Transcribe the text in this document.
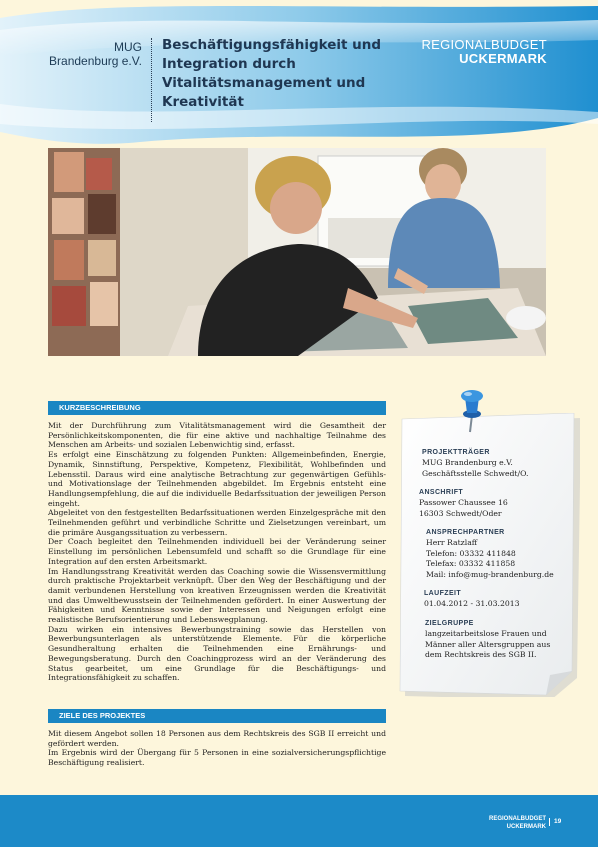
MUG
Brandenburg e.V.
Beschäftigungsfähigkeit und Integration durch Vitalitätsmanagement und Kreativität
REGIONALBUDGET
UCKERMARK
KURZBESCHREIBUNG

Mit der Durchführung zum Vitalitätsmanagement wird die Gesamtheit der Persönlichkeitskomponenten, die für eine aktive und nachhaltige Teilnahme des Menschen am Arbeits- und sozialen Lebenwichtig sind, erfasst.

Es erfolgt eine Einschätzung zu folgenden Punkten: Allgemeinbefinden, Energie, Dynamik, Sinnstiftung, Perspektive, Kompetenz, Flexibilität, Wohlbefinden und Lebensstil. Daraus wird eine analytische Betrachtung zur gegenwärtigen Gefühls- und Motivationslage der Teilnehmenden abgebildet. Im Ergebnis entsteht eine Handlungsempfehlung, die auf die individuelle Bedarfssituation der jeweiligen Person eingeht.

Abgeleitet von den festgestellten Bedarfssituationen werden Einzelgespräche mit den Teilnehmenden geführt und verbindliche Schritte und Zielsetzungen vereinbart, um die primäre Ausgangssituation zu verbessern.

Der Coach begleitet den Teilnehmenden individuell bei der Veränderung seiner Einstellung im persönlichen Lebensumfeld und schafft so die Grundlage für eine Integration auf den ersten Arbeitsmarkt.

Im Handlungsstrang Kreativität werden das Coaching sowie die Wissensvermittlung durch praktische Projektarbeit verknüpft. Über den Weg der Beschäftigung und der damit verbundenen Herstellung von kreativen Erzeugnissen werden die Kreativität und das Umweltbewusstsein der Teilnehmenden gefördert. In einer Auswertung der Fähigkeiten und Kenntnisse sowie der Interessen und Neigungen erfolgt eine realistische Berufsorientierung und Lebenswegplanung.

Dazu wirken ein intensives Bewerbungstraining sowie das Herstellen von Bewerbungsunterlagen als unterstützende Elemente. Für die körperliche Gesundheraltung erhalten die Teilnehmenden eine Ernährungs- und Bewegungsberatung. Durch den Coachingprozess wird an der Veränderung des Status gearbeitet, um eine Grundlage für die Beschäftigungs- und Integrationsfähigkeit zu schaffen.

ZIELE DES PROJEKTES

Mit diesem Angebot sollen 18 Personen aus dem Rechtskreis des SGB II erreicht und gefördert werden.

Im Ergebnis wird der Übergang für 5 Personen in eine sozialversicherungspflichtige Beschäftigung realisiert.

PROJEKTTRÄGER
MUG Brandenburg e.V.
Geschäftsstelle Schwedt/O.
ANSCHRIFT
Passower Chaussee 16
16303 Schwedt/Oder
ANSPRECHPARTNER
Herr Ratzlaff
Telefon: 03332 411848
Telefax: 03332 411858
Mail: info@mug-brandenburg.de
LAUFZEIT
01.04.2012 - 31.03.2013
ZIELGRUPPE
langzeitarbeitslose Frauen und
Männer aller Altersgruppen aus
dem Rechtskreis des SGB II.
REGIONALBUDGET
UCKERMARK
19
